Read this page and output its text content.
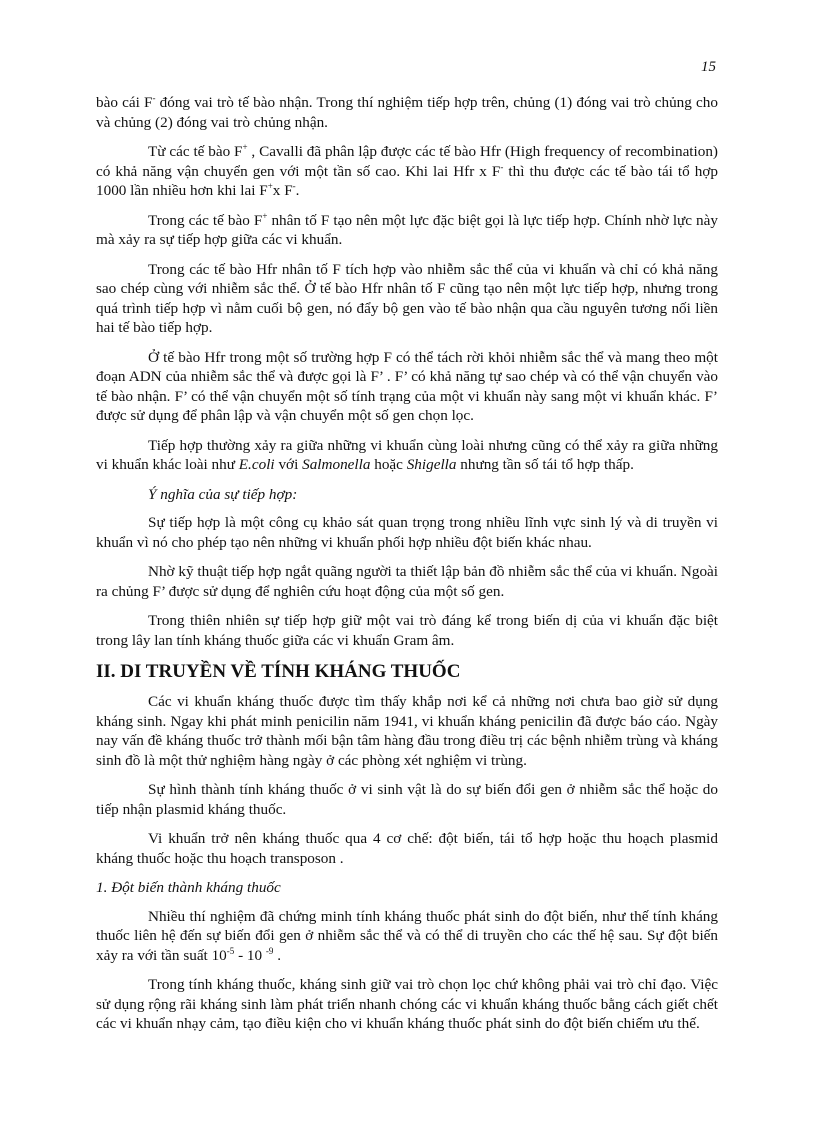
15

bào cái F- đóng vai trò tế bào nhận. Trong thí nghiệm tiếp hợp trên, chủng (1) đóng vai trò chủng cho và chủng (2) đóng vai trò chủng nhận.

Từ các tế bào F+ , Cavalli đã phân lập được các tế bào Hfr (High frequency of recombination) có khả năng vận chuyển gen với một tần số cao. Khi lai Hfr x F- thì thu được các tế bào tái tổ hợp 1000 lần nhiều hơn khi lai F+x F-.

Trong các tế bào F+ nhân tố F tạo nên một lực đặc biệt gọi là lực tiếp hợp. Chính nhờ lực này mà xảy ra sự tiếp hợp giữa các vi khuẩn.

Trong các tế bào Hfr nhân tố F tích hợp vào nhiễm sắc thể của vi khuẩn và chỉ có khả năng sao chép cùng với nhiễm sắc thể. Ở tế bào Hfr nhân tố F cũng tạo nên một lực tiếp hợp, nhưng trong quá trình tiếp hợp vì nằm cuối bộ gen, nó đẩy bộ gen vào tế bào nhận qua cầu nguyên tương nối liền hai tế bào tiếp hợp.

Ở tế bào Hfr trong một số trường hợp F có thể tách rời khỏi nhiễm sắc thể và mang theo một đoạn ADN của nhiễm sắc thể và được gọi là F’ . F’ có khả năng tự sao chép và có thể vận chuyển vào tế bào nhận. F’ có thể vận chuyển một số tính trạng của một vi khuẩn này sang một vi khuẩn khác. F’ được sử dụng để phân lập và vận chuyển một số gen chọn lọc.

Tiếp hợp thường xảy ra giữa những vi khuẩn cùng loài nhưng cũng có thể xảy ra giữa những vi khuẩn khác loài như E.coli với Salmonella hoặc Shigella nhưng tần số tái tổ hợp thấp.

Ý nghĩa của sự tiếp hợp:

Sự tiếp hợp là một công cụ khảo sát quan trọng trong nhiều lĩnh vực sinh lý và di truyền vi khuẩn vì nó cho phép tạo nên những vi khuẩn phối hợp nhiều đột biến khác nhau.

Nhờ kỹ thuật tiếp hợp ngắt quãng người ta thiết lập bản đồ nhiễm sắc thể của vi khuẩn. Ngoài ra chủng F’ được sử dụng để nghiên cứu hoạt động của một số gen.

Trong thiên nhiên sự tiếp hợp giữ một vai trò đáng kể trong biến dị của vi khuẩn đặc biệt trong lây lan tính kháng thuốc giữa các vi khuẩn Gram âm.

II. DI TRUYỀN VỀ TÍNH KHÁNG THUỐC

Các vi khuẩn kháng thuốc được tìm thấy khắp nơi kể cả những nơi chưa bao giờ sử dụng kháng sinh. Ngay khi phát minh penicilin năm 1941, vi khuẩn kháng penicilin đã được báo cáo. Ngày nay vấn đề kháng thuốc trở thành mối bận tâm hàng đầu trong điều trị các bệnh nhiễm trùng và kháng sinh đồ là một thử nghiệm hàng ngày ở các phòng xét nghiệm vi trùng.

Sự hình thành tính kháng thuốc ở vi sinh vật là do sự biến đổi gen ở nhiễm sắc thể hoặc do tiếp nhận plasmid kháng thuốc.

Vi khuẩn trở nên kháng thuốc qua 4 cơ chế: đột biến, tái tổ hợp hoặc thu hoạch plasmid kháng thuốc hoặc thu hoạch transposon .

1. Đột biến thành kháng thuốc

Nhiều thí nghiệm đã chứng minh tính kháng thuốc phát sinh do đột biến, như thế tính kháng thuốc liên hệ đến sự biến đổi gen ở nhiễm sắc thể và có thể di truyền cho các thế hệ sau. Sự đột biến xảy ra với tần suất $10^{-5} - 10$ $^{-9}$ .

Trong tính kháng thuốc, kháng sinh giữ vai trò chọn lọc chứ không phải vai trò chỉ đạo. Việc sử dụng rộng rãi kháng sinh làm phát triển nhanh chóng các vi khuẩn kháng thuốc bằng cách giết chết các vi khuẩn nhạy cảm, tạo điều kiện cho vi khuẩn kháng thuốc phát sinh do đột biến chiếm ưu thế.
